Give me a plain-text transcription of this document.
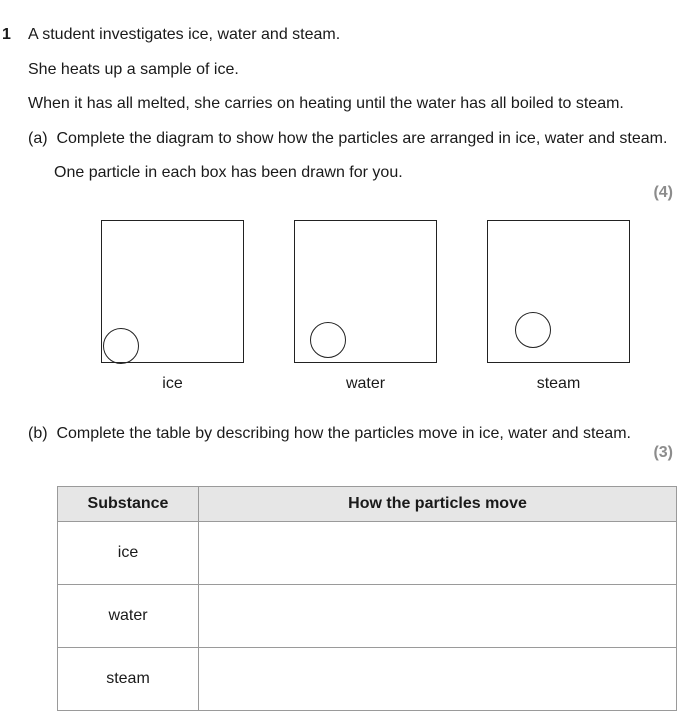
1 A student investigates ice, water and steam.
She heats up a sample of ice.
When it has all melted, she carries on heating until the water has all boiled to steam.
(a) Complete the diagram to show how the particles are arranged in ice, water and steam.
One particle in each box has been drawn for you.
(4)
ice	water	steam
(b) Complete the table by describing how the particles move in ice, water and steam.
(3)
Substance	How the particles move
ice	
water	
steam	
